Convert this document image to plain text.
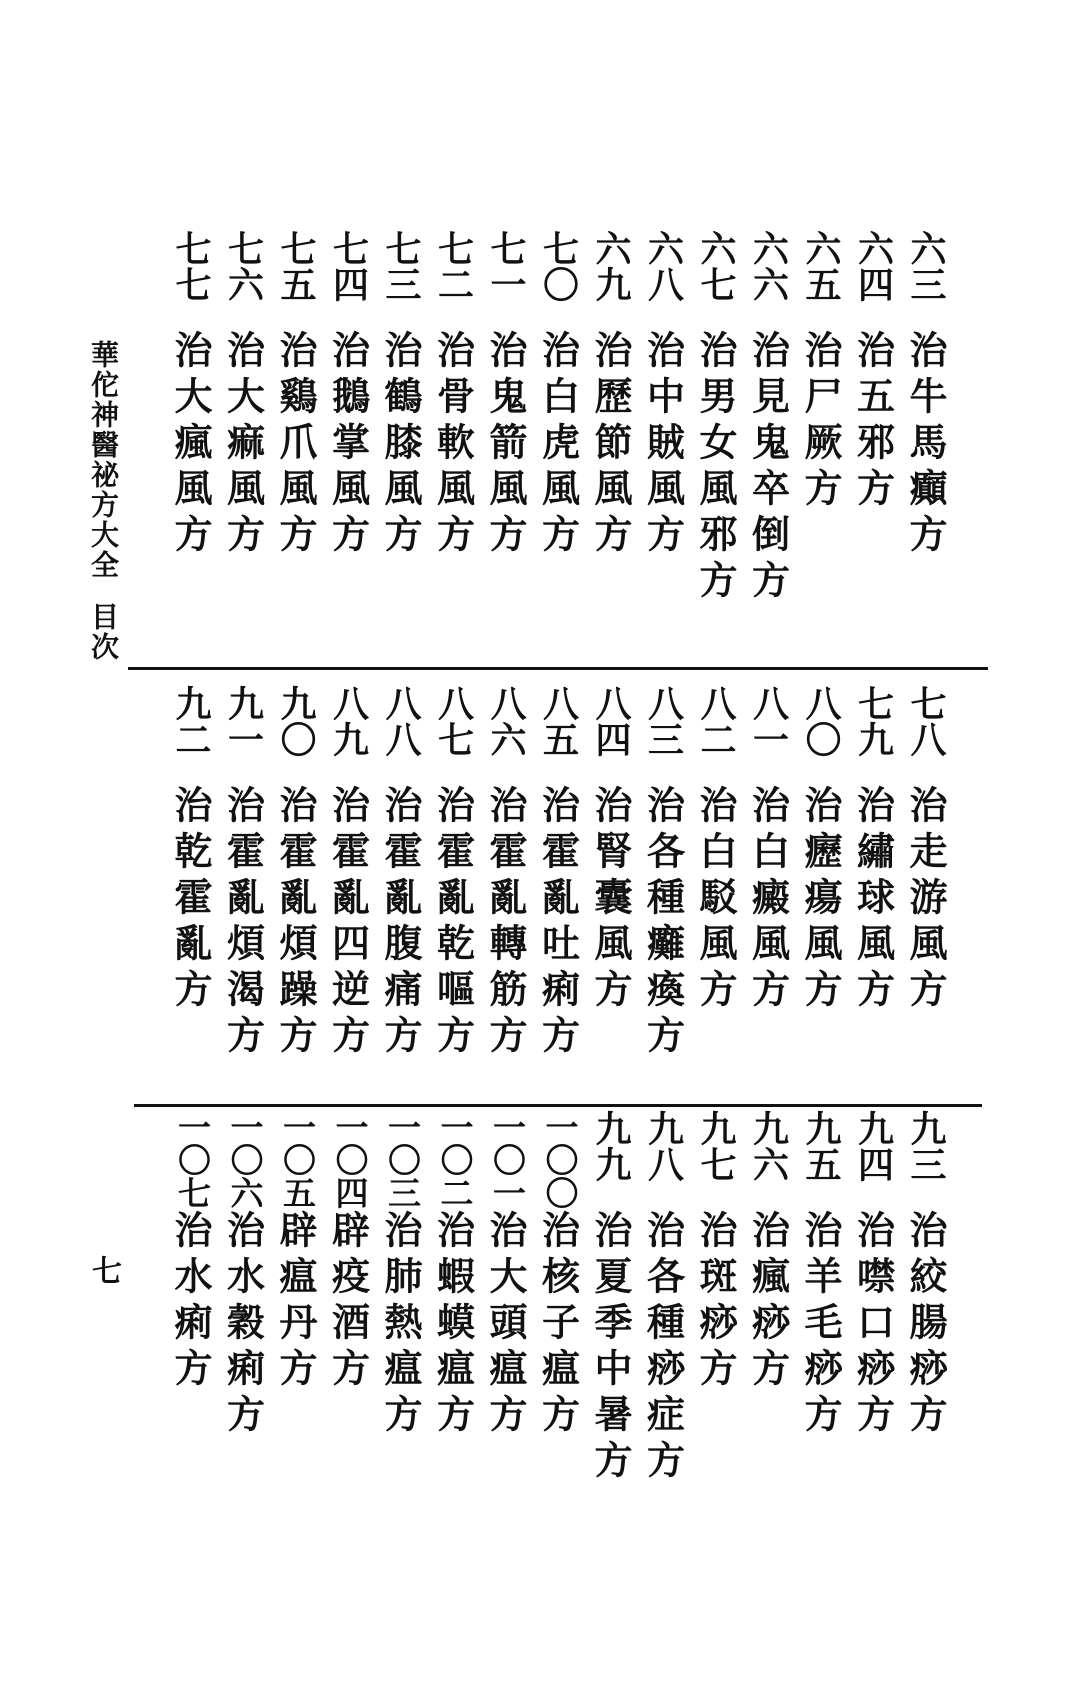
華佗神醫祕方大全
目次
六三
治牛馬癲方
六四
治五邪方
六五
治尸厥方
六六
治見鬼卒倒方
六七
治男女風邪方
六八
治中賊風方
六九
治歷節風方
七〇
治白虎風方
七一
治鬼箭風方
七二
治骨軟風方
七三
治鶴膝風方
七四
治鵝掌風方
七五
治鷄爪風方
七六
治大痲風方
七七
治大瘋風方
七八
治走游風方
七九
治繡球風方
八〇
治癧瘍風方
八一
治白癜風方
八二
治白駁風方
八三
治各種癱瘓方
八四
治腎囊風方
八五
治霍亂吐痢方
八六
治霍亂轉筋方
八七
治霍亂乾嘔方
八八
治霍亂腹痛方
八九
治霍亂四逆方
九〇
治霍亂煩躁方
九一
治霍亂煩渴方
九二
治乾霍亂方
九三
治絞腸痧方
九四
治噤口痧方
九五
治羊毛痧方
九六
治瘋痧方
九七
治斑痧方
九八
治各種痧症方
九九
治夏季中暑方
一〇〇
治核子瘟方
一〇一
治大頭瘟方
一〇二
治蝦蟆瘟方
一〇三
治肺熱瘟方
一〇四
辟疫酒方
一〇五
辟瘟丹方
一〇六
治水穀痢方
一〇七
治水痢方
七
